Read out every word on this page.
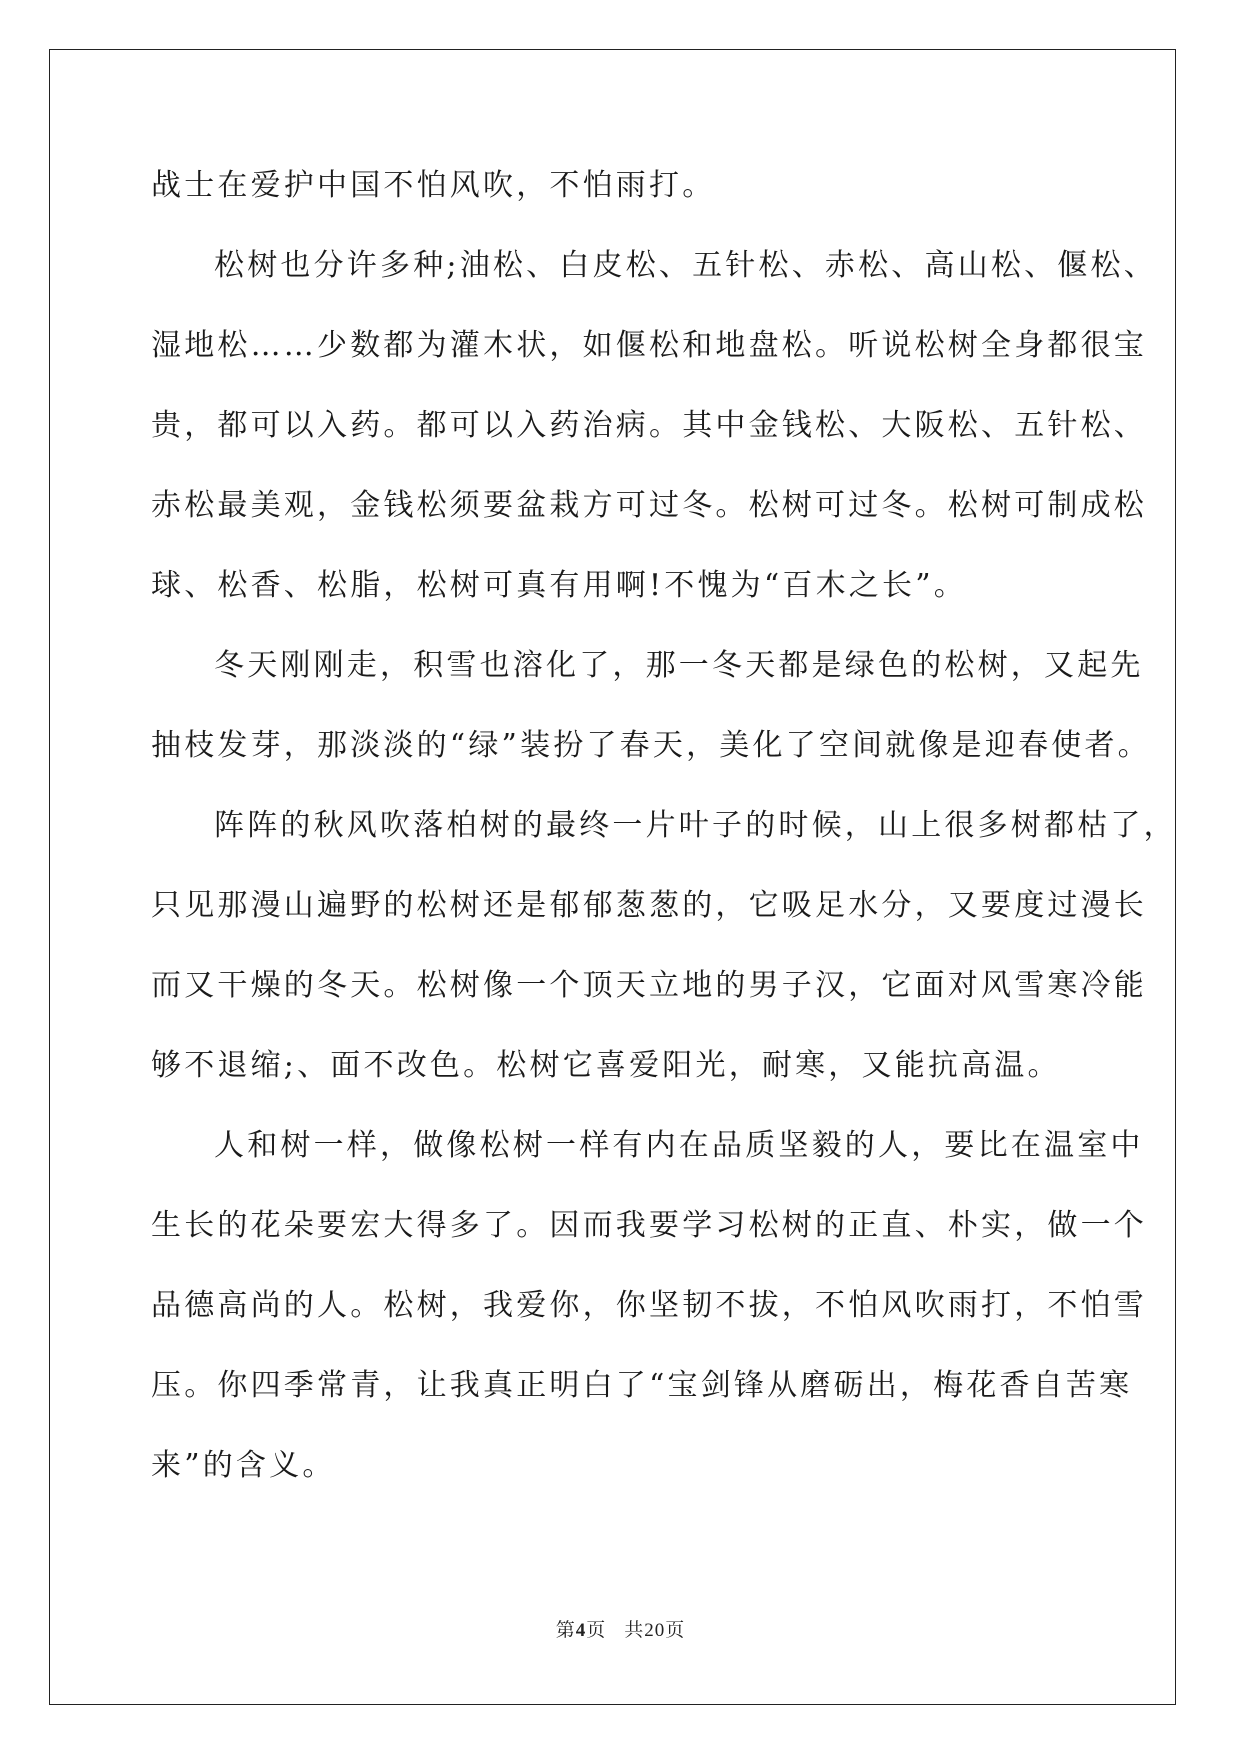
战士在爱护中国不怕风吹，不怕雨打。
松树也分许多种;油松、白皮松、五针松、赤松、高山松、偃松、
湿地松……少数都为灌木状，如偃松和地盘松。听说松树全身都很宝
贵，都可以入药。都可以入药治病。其中金钱松、大阪松、五针松、
赤松最美观，金钱松须要盆栽方可过冬。松树可过冬。松树可制成松
球、松香、松脂，松树可真有用啊!不愧为“百木之长”。
冬天刚刚走，积雪也溶化了，那一冬天都是绿色的松树，又起先
抽枝发芽，那淡淡的“绿”装扮了春天，美化了空间就像是迎春使者。
阵阵的秋风吹落柏树的最终一片叶子的时候，山上很多树都枯了，
只见那漫山遍野的松树还是郁郁葱葱的，它吸足水分，又要度过漫长
而又干燥的冬天。松树像一个顶天立地的男子汉，它面对风雪寒冷能
够不退缩;、面不改色。松树它喜爱阳光，耐寒，又能抗高温。
人和树一样，做像松树一样有内在品质坚毅的人，要比在温室中
生长的花朵要宏大得多了。因而我要学习松树的正直、朴实，做一个
品德高尚的人。松树，我爱你，你坚韧不拔，不怕风吹雨打，不怕雪
压。你四季常青，让我真正明白了“宝剑锋从磨砺出，梅花香自苦寒
来”的含义。
第4页 共20页
